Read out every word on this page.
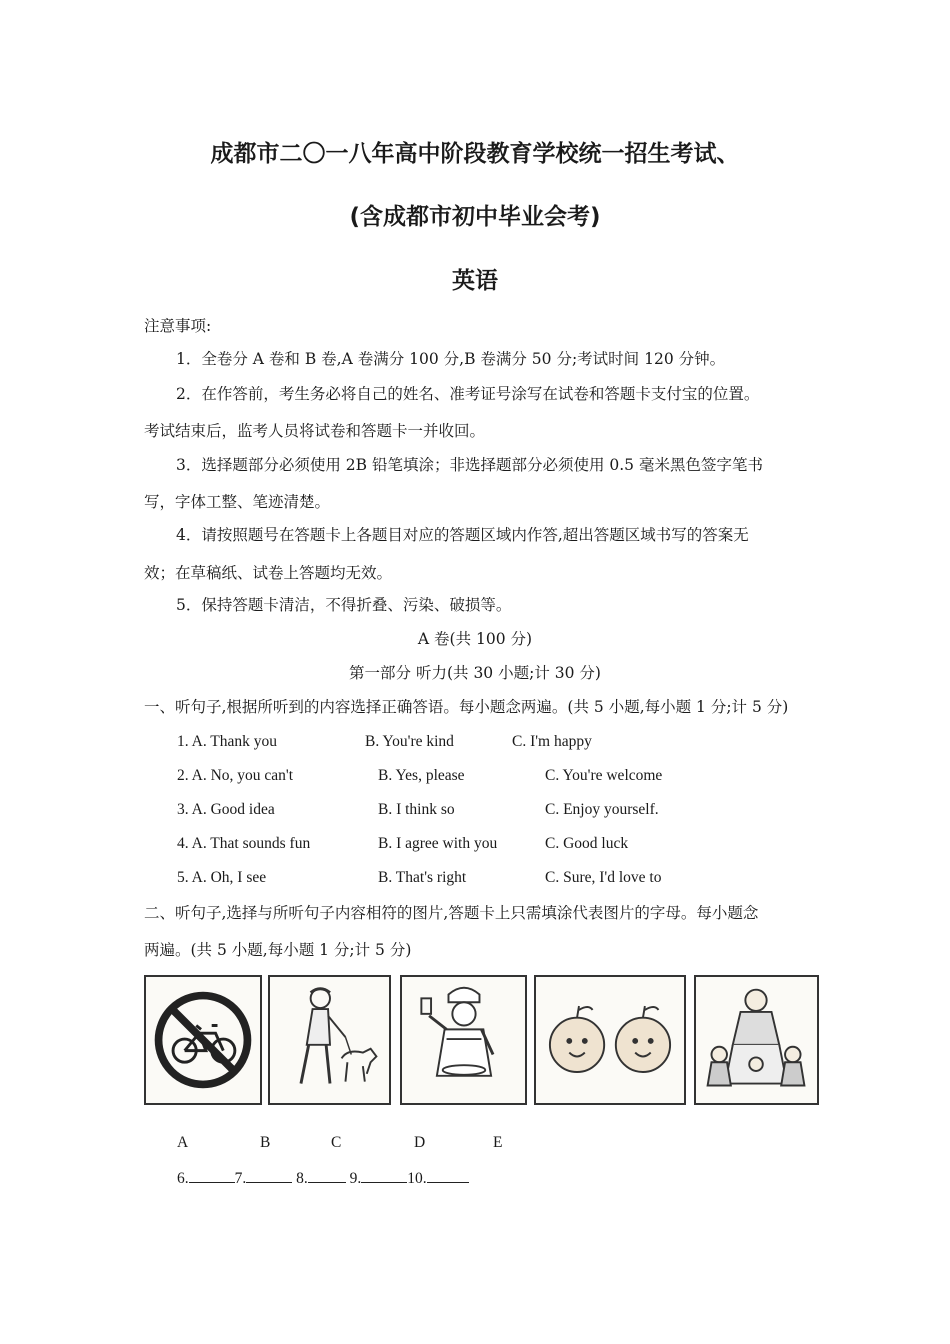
成都市二〇一八年高中阶段教育学校统一招生考试、
(含成都市初中毕业会考)
英语
注意事项:
1．全卷分 A 卷和 B 卷,A 卷满分 100 分,B 卷满分 50 分;考试时间 120 分钟。
2．在作答前，考生务必将自己的姓名、准考证号涂写在试卷和答题卡支付宝的位置。
考试结束后，监考人员将试卷和答题卡一并收回。
3．选择题部分必须使用 2B 铅笔填涂；非选择题部分必须使用 0.5 毫米黑色签字笔书
写，字体工整、笔迹清楚。
4．请按照题号在答题卡上各题目对应的答题区域内作答,超出答题区域书写的答案无
效；在草稿纸、试卷上答题均无效。
5．保持答题卡清洁，不得折叠、污染、破损等。
A 卷(共 100 分)
第一部分 听力(共 30 小题;计 30 分)
一、听句子,根据所听到的内容选择正确答语。每小题念两遍。(共 5 小题,每小题 1 分;计 5 分)
1. A. Thank you	B. You're kind	C. I'm happy
2. A. No, you can't	B. Yes, please	C. You're welcome
3. A. Good idea	B. I think so	C. Enjoy yourself.
4. A. That sounds fun	B. I agree with you	C. Good luck
5. A. Oh, I see	B. That's right	C. Sure, I'd love to
二、听句子,选择与所听句子内容相符的图片,答题卡上只需填涂代表图片的字母。每小题念
两遍。(共 5 小题,每小题 1 分;计 5 分)
A	B	C	D	E
6.	7.	8.	9.	10.
